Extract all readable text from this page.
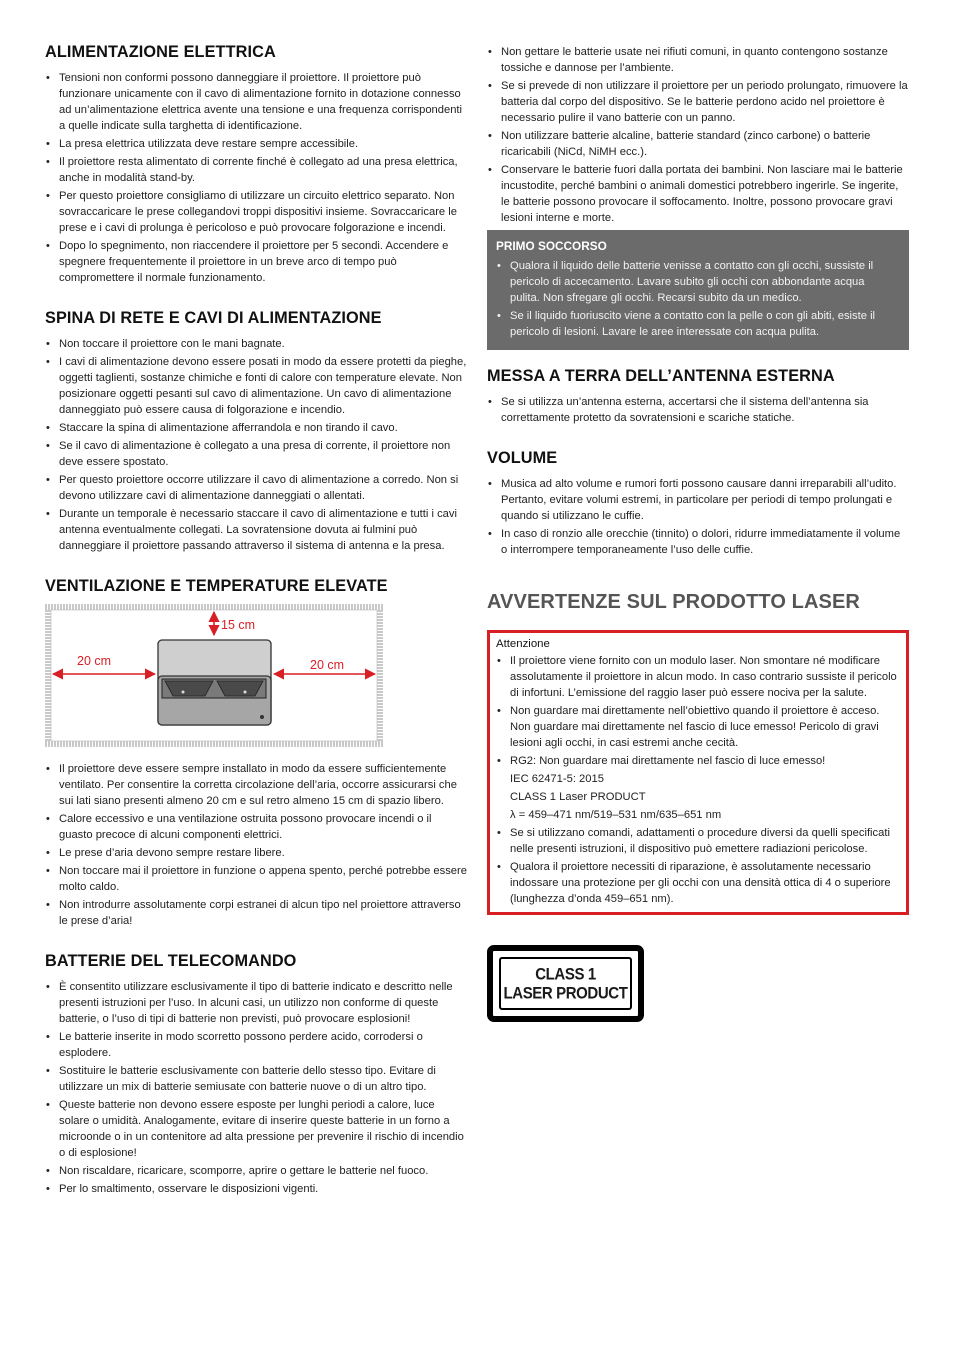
ALIMENTAZIONE ELETTRICA
• Tensioni non conformi possono danneggiare il proiettore. Il proiettore può funzionare unicamente con il cavo di alimentazione fornito in dotazione connesso ad un’alimentazione elettrica avente una tensione e una frequenza corrispondenti a quelle indicate sulla targhetta di identificazione.
• La presa elettrica utilizzata deve restare sempre accessibile.
• Il proiettore resta alimentato di corrente finché è collegato ad una presa elettrica, anche in modalità stand-by.
• Per questo proiettore consigliamo di utilizzare un circuito elettrico separato. Non sovraccaricare le prese collegandovi troppi dispositivi insieme. Sovraccaricare le prese e i cavi di prolunga è pericoloso e può provocare folgorazione e incendi.
• Dopo lo spegnimento, non riaccendere il proiettore per 5 secondi. Accendere e spegnere frequentemente il proiettore in un breve arco di tempo può compromettere il normale funzionamento.
SPINA DI RETE E CAVI DI ALIMENTAZIONE
• Non toccare il proiettore con le mani bagnate.
• I cavi di alimentazione devono essere posati in modo da essere protetti da pieghe, oggetti taglienti, sostanze chimiche e fonti di calore con temperature elevate. Non posizionare oggetti pesanti sul cavo di alimentazione. Un cavo di alimentazione danneggiato può essere causa di folgorazione e incendio.
• Staccare la spina di alimentazione afferrandola e non tirando il cavo.
• Se il cavo di alimentazione è collegato a una presa di corrente, il proiettore non deve essere spostato.
• Per questo proiettore occorre utilizzare il cavo di alimentazione a corredo. Non si devono utilizzare cavi di alimentazione danneggiati o allentati.
• Durante un temporale è necessario staccare il cavo di alimentazione e tutti i cavi antenna eventualmente collegati. La sovratensione dovuta ai fulmini può danneggiare il proiettore passando attraverso il sistema di antenna e la presa.
VENTILAZIONE E TEMPERATURE ELEVATE
15 cm
20 cm	20 cm
• Il proiettore deve essere sempre installato in modo da essere sufficientemente ventilato. Per consentire la corretta circolazione dell’aria, occorre assicurarsi che sui lati siano presenti almeno 20 cm e sul retro almeno 15 cm di spazio libero.
• Calore eccessivo e una ventilazione ostruita possono provocare incendi o il guasto precoce di alcuni componenti elettrici.
• Le prese d’aria devono sempre restare libere.
• Non toccare mai il proiettore in funzione o appena spento, perché potrebbe essere molto caldo.
• Non introdurre assolutamente corpi estranei di alcun tipo nel proiettore attraverso le prese d’aria!
BATTERIE DEL TELECOMANDO
• È consentito utilizzare esclusivamente il tipo di batterie indicato e descritto nelle presenti istruzioni per l’uso. In alcuni casi, un utilizzo non conforme di queste batterie, o l’uso di tipi di batterie non previsti, può provocare esplosioni!
• Le batterie inserite in modo scorretto possono perdere acido, corrodersi o esplodere.
• Sostituire le batterie esclusivamente con batterie dello stesso tipo. Evitare di utilizzare un mix di batterie semiusate con batterie nuove o di un altro tipo.
• Queste batterie non devono essere esposte per lunghi periodi a calore, luce solare o umidità. Analogamente, evitare di inserire queste batterie in un forno a microonde o in un contenitore ad alta pressione per prevenire il rischio di incendio o di esplosione!
• Non riscaldare, ricaricare, scomporre, aprire o gettare le batterie nel fuoco.
• Per lo smaltimento, osservare le disposizioni vigenti.
• Non gettare le batterie usate nei rifiuti comuni, in quanto contengono sostanze tossiche e dannose per l’ambiente.
• Se si prevede di non utilizzare il proiettore per un periodo prolungato, rimuovere la batteria dal corpo del dispositivo. Se le batterie perdono acido nel proiettore è necessario pulire il vano batterie con un panno.
• Non utilizzare batterie alcaline, batterie standard (zinco carbone) o batterie ricaricabili (NiCd, NiMH ecc.).
• Conservare le batterie fuori dalla portata dei bambini. Non lasciare mai le batterie incustodite, perché bambini o animali domestici potrebbero ingerirle. Se ingerite, le batterie possono provocare il soffocamento. Inoltre, possono provocare gravi lesioni interne e morte.
PRIMO SOCCORSO
• Qualora il liquido delle batterie venisse a contatto con gli occhi, sussiste il pericolo di accecamento. Lavare subito gli occhi con abbondante acqua pulita. Non sfregare gli occhi. Recarsi subito da un medico.
• Se il liquido fuoriuscito viene a contatto con la pelle o con gli abiti, esiste il pericolo di lesioni. Lavare le aree interessate con acqua pulita.
MESSA A TERRA DELL’ANTENNA ESTERNA
• Se si utilizza un’antenna esterna, accertarsi che il sistema dell’antenna sia correttamente protetto da sovratensioni e scariche statiche.
VOLUME
• Musica ad alto volume e rumori forti possono causare danni irreparabili all’udito. Pertanto, evitare volumi estremi, in particolare per periodi di tempo prolungati e quando si utilizzano le cuffie.
• In caso di ronzio alle orecchie (tinnito) o dolori, ridurre immediatamente il volume o interrompere temporaneamente l’uso delle cuffie.
AVVERTENZE SUL PRODOTTO LASER
Attenzione
• Il proiettore viene fornito con un modulo laser. Non smontare né modificare assolutamente il proiettore in alcun modo. In caso contrario sussiste il pericolo di infortuni. L’emissione del raggio laser può essere nociva per la salute.
• Non guardare mai direttamente nell’obiettivo quando il proiettore è acceso. Non guardare mai direttamente nel fascio di luce emesso! Pericolo di gravi lesioni agli occhi, in casi estremi anche cecità.
• RG2: Non guardare mai direttamente nel fascio di luce emesso!
IEC 62471-5: 2015
CLASS 1 Laser PRODUCT
λ = 459–471 nm/519–531 nm/635–651 nm
• Se si utilizzano comandi, adattamenti o procedure diversi da quelli specificati nelle presenti istruzioni, il dispositivo può emettere radiazioni pericolose.
• Qualora il proiettore necessiti di riparazione, è assolutamente necessario indossare una protezione per gli occhi con una densità ottica di 4 o superiore (lunghezza d’onda 459–651 nm).
CLASS 1
LASER PRODUCT
